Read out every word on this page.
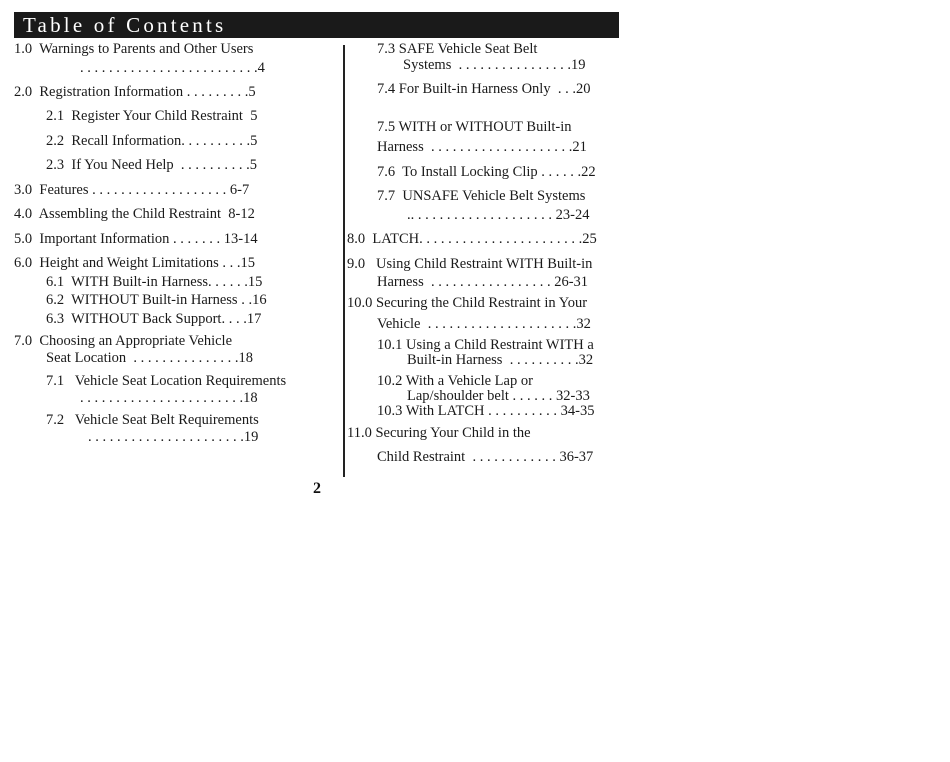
Table of Contents
1.0  Warnings to Parents and Other Users
. . . . . . . . . . . . . . . . . . . . . . . . .4
2.0  Registration Information . . . . . . . . .5
2.1  Register Your Child Restraint  5
2.2  Recall Information. . . . . . . . . .5
2.3  If You Need Help  . . . . . . . . . .5
3.0  Features . . . . . . . . . . . . . . . . . . . 6-7
4.0  Assembling the Child Restraint  8-12
5.0  Important Information . . . . . . . 13-14
6.0  Height and Weight Limitations . . .15
6.1  WITH Built-in Harness. . . . . .15
6.2  WITHOUT Built-in Harness . .16
6.3  WITHOUT Back Support. . . .17
7.0  Choosing an Appropriate Vehicle
Seat Location  . . . . . . . . . . . . . . .18
7.1   Vehicle Seat Location Requirements
. . . . . . . . . . . . . . . . . . . . . . .18
7.2   Vehicle Seat Belt Requirements
. . . . . . . . . . . . . . . . . . . . . .19
7.3 SAFE Vehicle Seat Belt
Systems  . . . . . . . . . . . . . . . .19
7.4 For Built-in Harness Only  . . .20
7.5 WITH or WITHOUT Built-in
Harness  . . . . . . . . . . . . . . . . . . . .21
7.6  To Install Locking Clip . . . . . .22
7.7  UNSAFE Vehicle Belt Systems
.. . . . . . . . . . . . . . . . . . . . 23-24
8.0  LATCH. . . . . . . . . . . . . . . . . . . . . . .25
9.0   Using Child Restraint WITH Built-in
Harness  . . . . . . . . . . . . . . . . . 26-31
10.0 Securing the Child Restraint in Your
Vehicle  . . . . . . . . . . . . . . . . . . . . .32
10.1 Using a Child Restraint WITH a
Built-in Harness  . . . . . . . . . .32
10.2 With a Vehicle Lap or
Lap/shoulder belt . . . . . . 32-33
10.3 With LATCH . . . . . . . . . . 34-35
11.0 Securing Your Child in the
Child Restraint  . . . . . . . . . . . . 36-37
2
